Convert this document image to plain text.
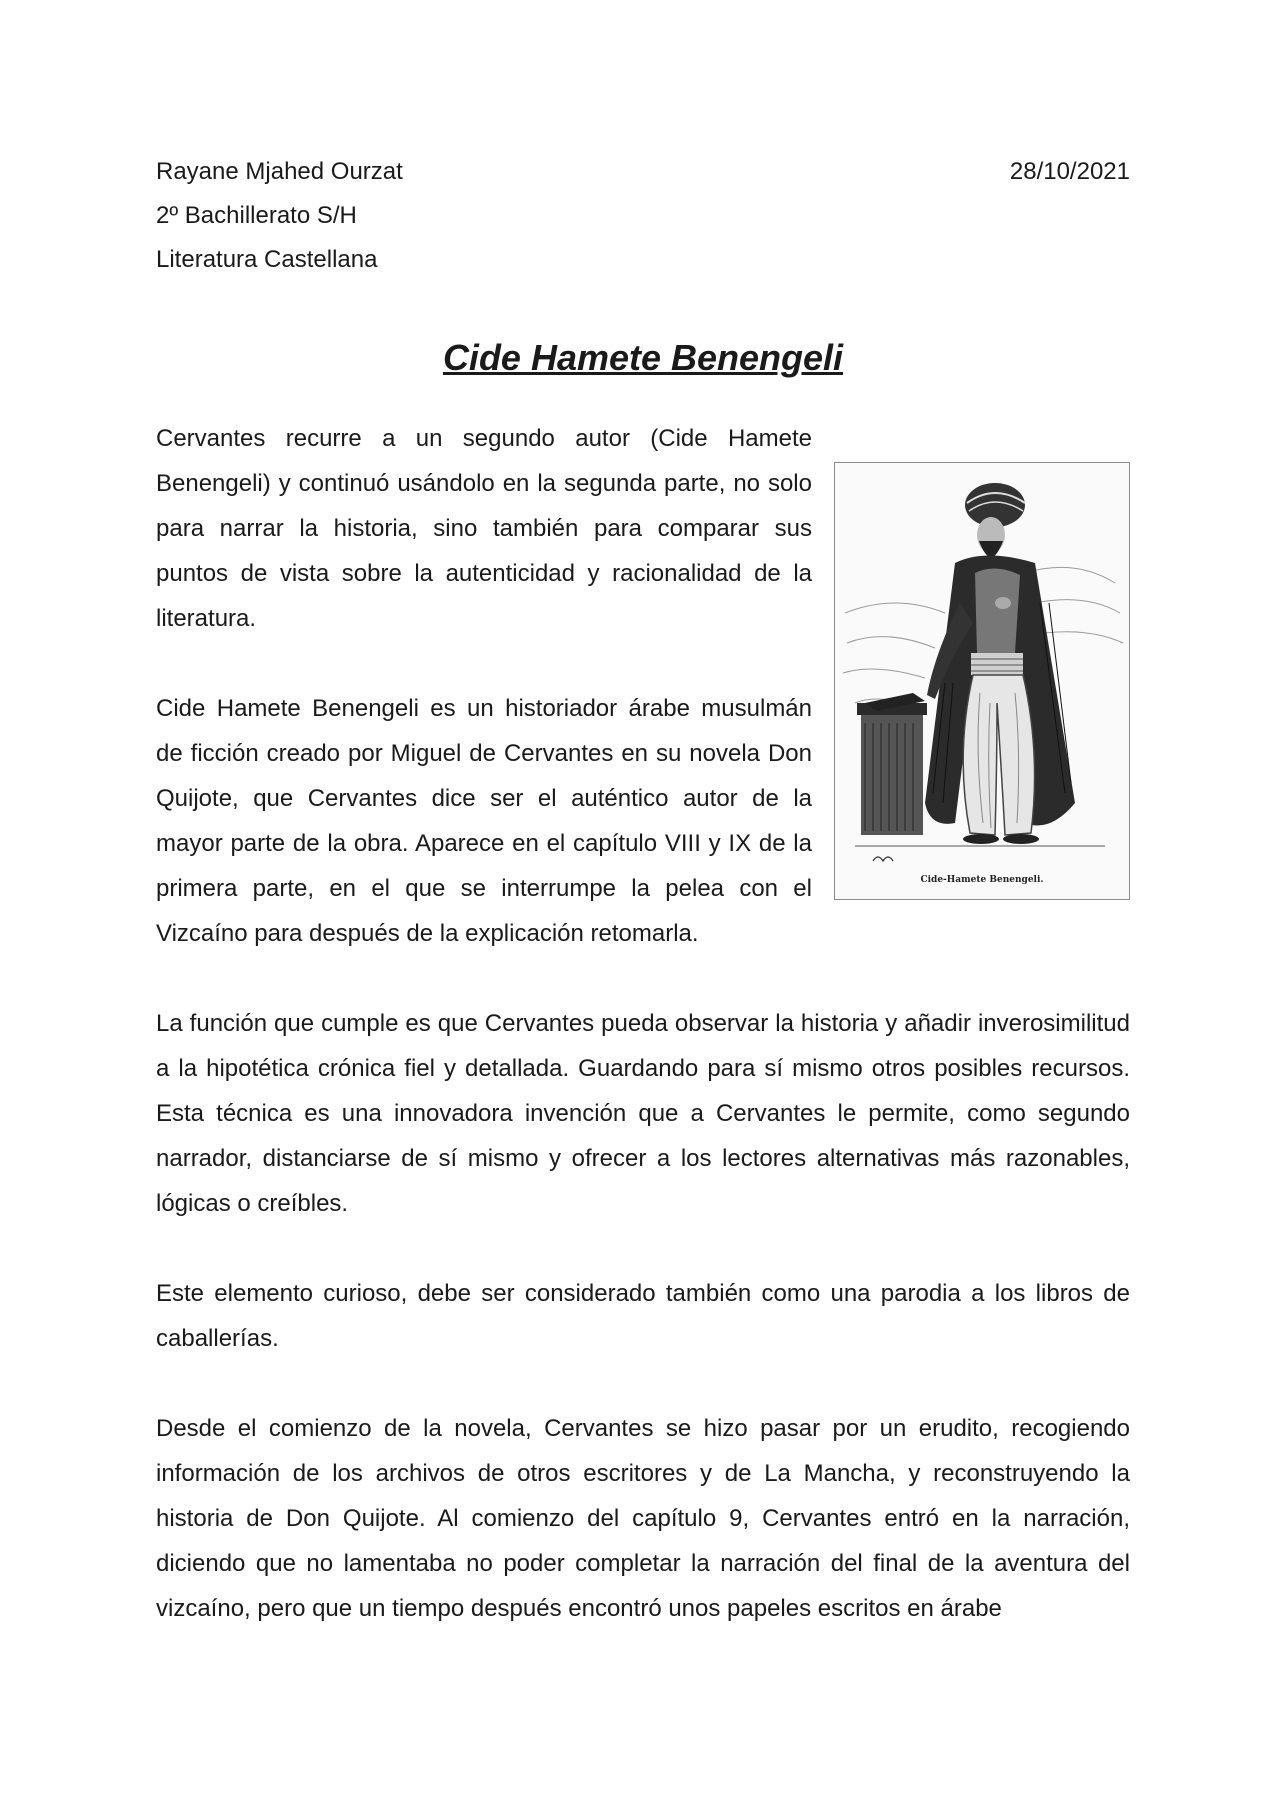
Rayane Mjahed Ourzat	28/10/2021
2º Bachillerato S/H
Literatura Castellana
Cide Hamete Benengeli
Cide-Hamete Benengeli.

Cervantes recurre a un segundo autor (Cide Hamete Benengeli) y continuó usándolo en la segunda parte, no solo para narrar la historia, sino también para comparar sus puntos de vista sobre la autenticidad y racionalidad de la literatura.

Cide Hamete Benengeli es un historiador árabe musulmán de ficción creado por Miguel de Cervantes en su novela Don Quijote, que Cervantes dice ser el auténtico autor de la mayor parte de la obra. Aparece en el capítulo VIII y IX de la primera parte, en el que se interrumpe la pelea con el Vizcaíno para después de la explicación retomarla.

La función que cumple es que Cervantes pueda observar la historia y añadir inverosimilitud a la hipotética crónica fiel y detallada. Guardando para sí mismo otros posibles recursos. Esta técnica es una innovadora invención que a Cervantes le permite, como segundo narrador, distanciarse de sí mismo y ofrecer a los lectores alternativas más razonables, lógicas o creíbles.

Este elemento curioso, debe ser considerado también como una parodia a los libros de caballerías.

Desde el comienzo de la novela, Cervantes se hizo pasar por un erudito, recogiendo información de los archivos de otros escritores y de La Mancha, y reconstruyendo la historia de Don Quijote. Al comienzo del capítulo 9, Cervantes entró en la narración, diciendo que no lamentaba no poder completar la narración del final de la aventura del vizcaíno, pero que un tiempo después encontró unos papeles escritos en árabe
